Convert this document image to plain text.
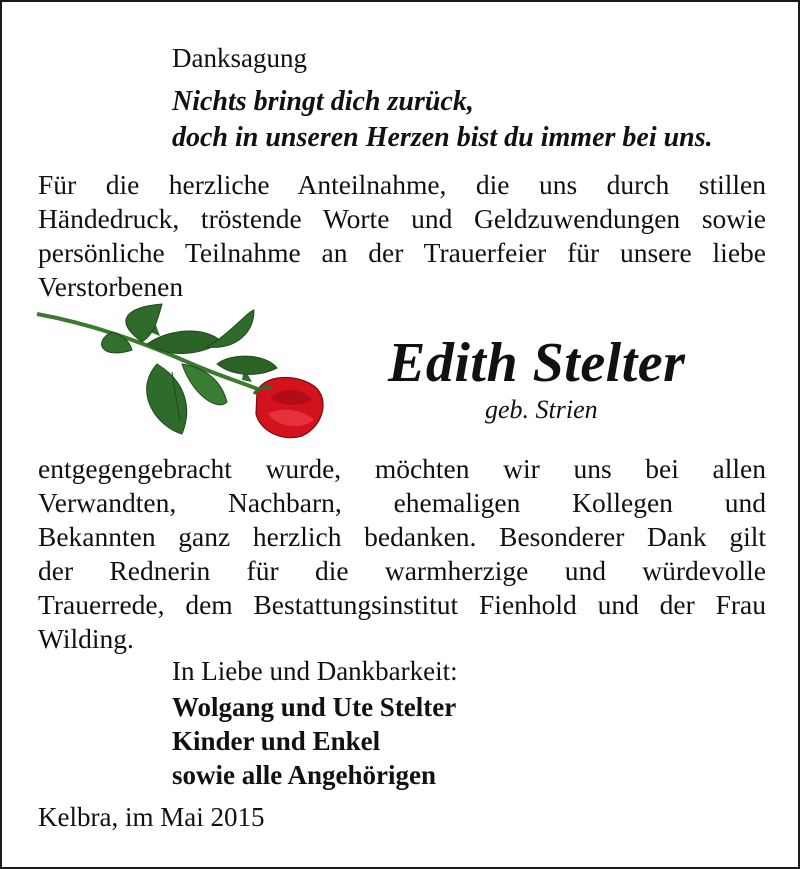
Danksagung
Nichts bringt dich zurück,
doch in unseren Herzen bist du immer bei uns.
Für die herzliche Anteilnahme, die uns durch stillen
Händedruck, tröstende Worte und Geldzuwendungen sowie
persönliche Teilnahme an der Trauerfeier für unsere liebe
Verstorbenen
Edith Stelter
geb. Strien
entgegengebracht wurde, möchten wir uns bei allen
Verwandten, Nachbarn, ehemaligen Kollegen und
Bekannten ganz herzlich bedanken. Besonderer Dank gilt
der Rednerin für die warmherzige und würdevolle
Trauerrede, dem Bestattungsinstitut Fienhold und der Frau
Wilding.
In Liebe und Dankbarkeit:
Wolgang und Ute Stelter
Kinder und Enkel
sowie alle Angehörigen
Kelbra, im Mai 2015
